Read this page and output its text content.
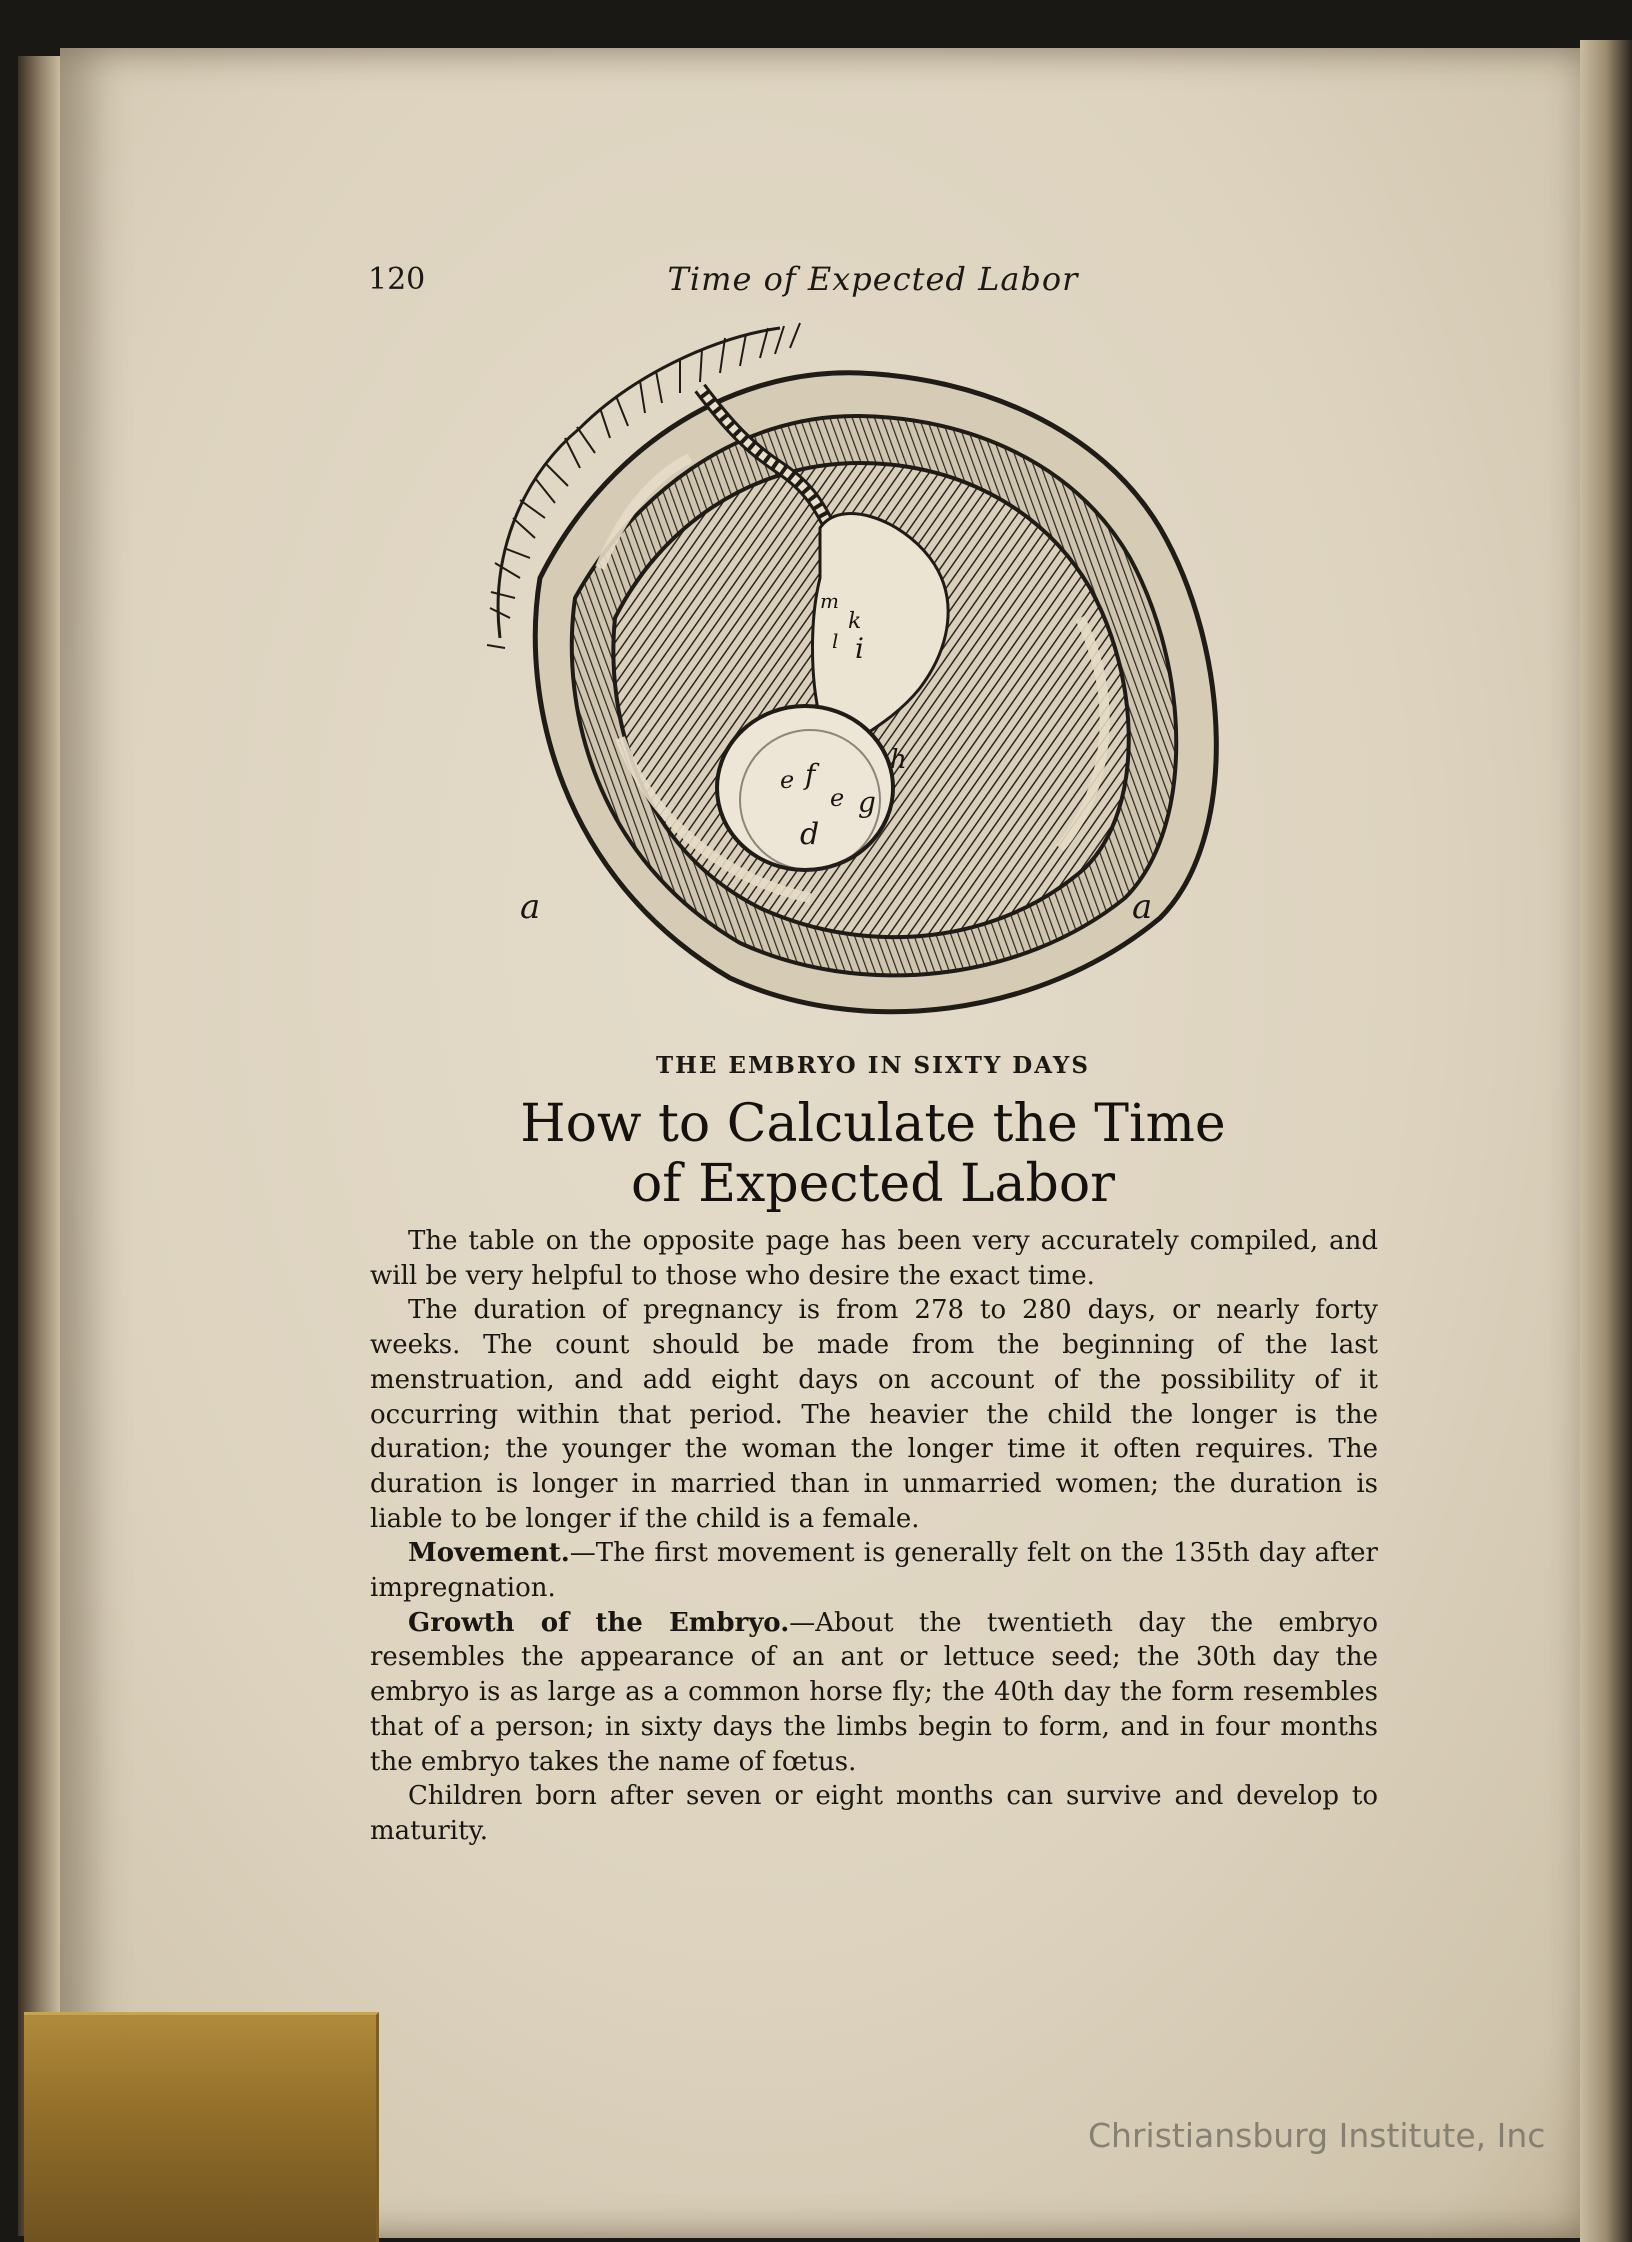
120	Time of Expected Labor
a	a
d
e
e
f
g
h
i
k
m
l
THE EMBRYO IN SIXTY DAYS
How to Calculate the Time
of Expected Labor

The table on the opposite page has been very accurately compiled, and will be very helpful to those who desire the exact time.

The duration of pregnancy is from 278 to 280 days, or nearly forty weeks. The count should be made from the beginning of the last menstruation, and add eight days on account of the possibility of it occurring within that period. The heavier the child the longer is the duration; the younger the woman the longer time it often requires. The duration is longer in married than in unmarried women; the duration is liable to be longer if the child is a female.

Movement.—The first movement is generally felt on the 135th day after impregnation.

Growth of the Embryo.—About the twentieth day the embryo resembles the appearance of an ant or lettuce seed; the 30th day the embryo is as large as a common horse fly; the 40th day the form resembles that of a person; in sixty days the limbs begin to form, and in four months the embryo takes the name of fœtus.

Children born after seven or eight months can survive and develop to maturity.

Christiansburg Institute, Inc
